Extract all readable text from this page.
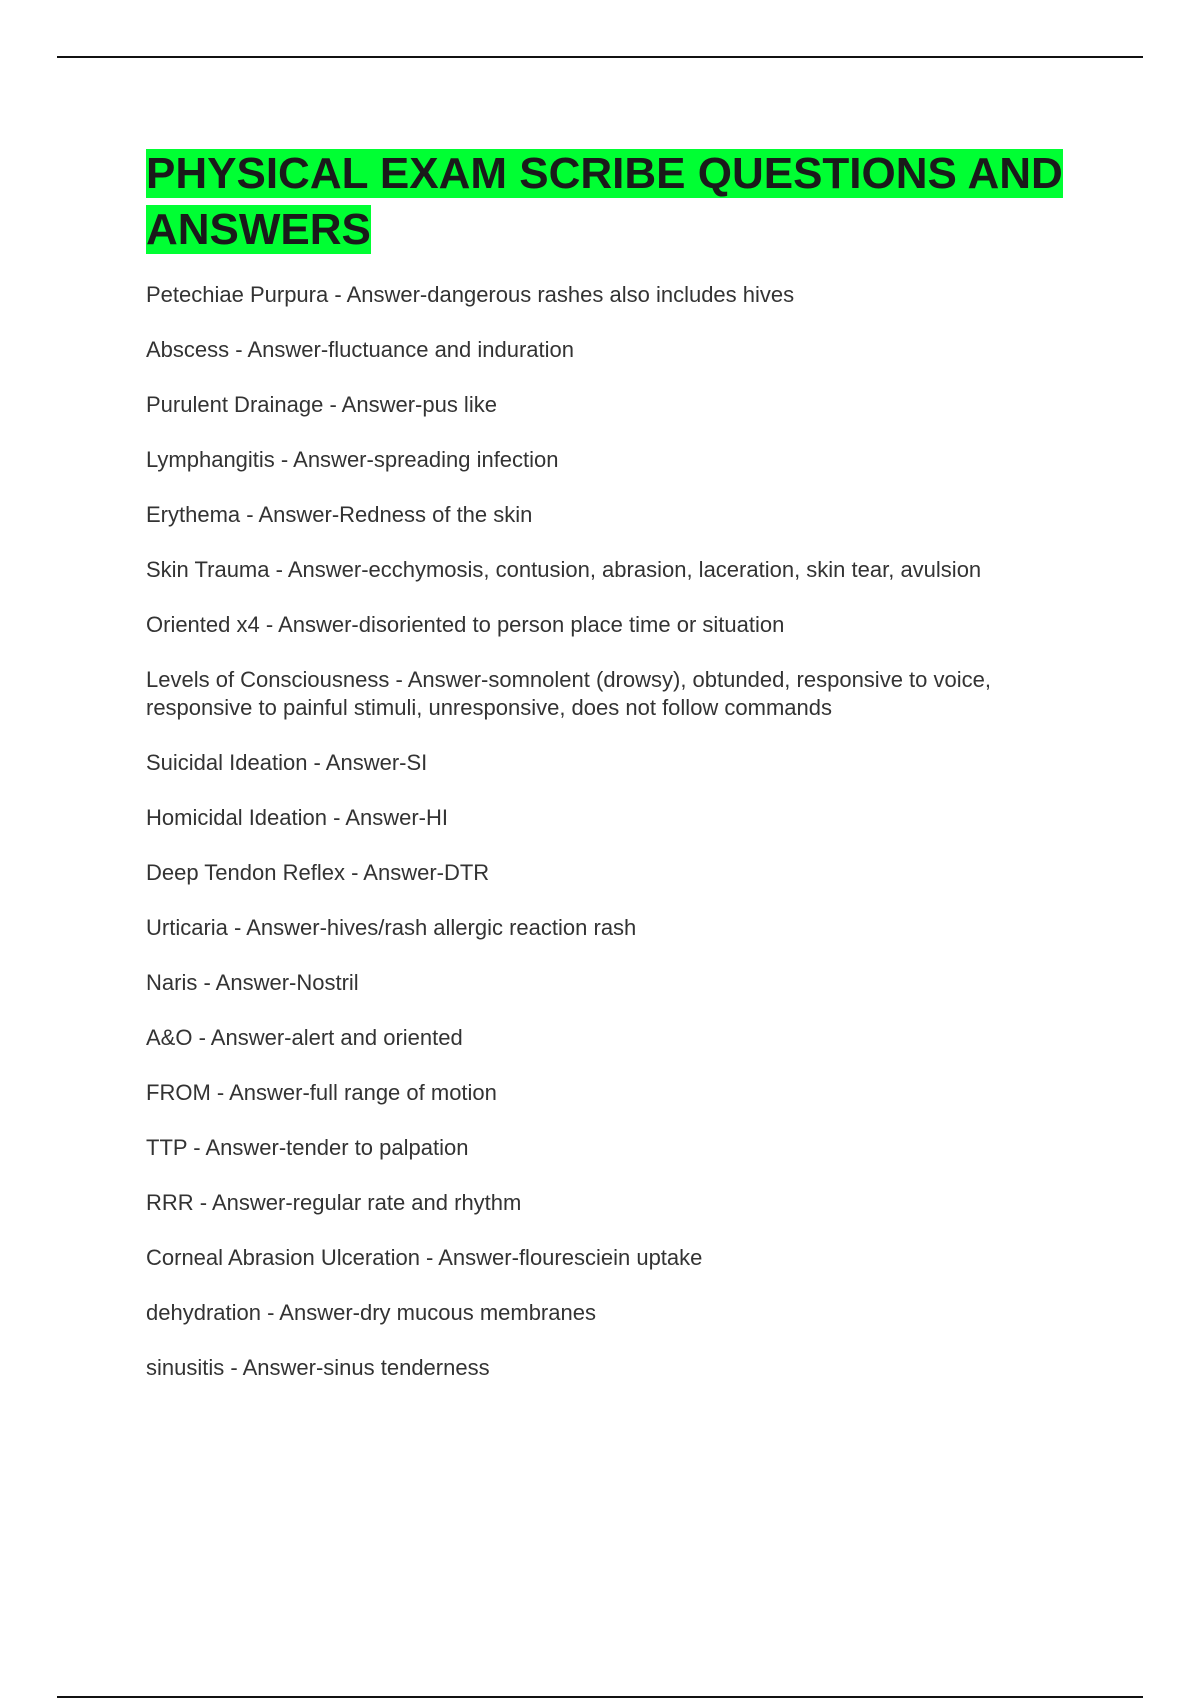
PHYSICAL EXAM SCRIBE QUESTIONS AND ANSWERS
Petechiae Purpura - Answer-dangerous rashes also includes hives
Abscess - Answer-fluctuance and induration
Purulent Drainage - Answer-pus like
Lymphangitis - Answer-spreading infection
Erythema - Answer-Redness of the skin
Skin Trauma - Answer-ecchymosis, contusion, abrasion, laceration, skin tear, avulsion
Oriented x4 - Answer-disoriented to person place time or situation
Levels of Consciousness - Answer-somnolent (drowsy), obtunded, responsive to voice, responsive to painful stimuli, unresponsive, does not follow commands
Suicidal Ideation - Answer-SI
Homicidal Ideation - Answer-HI
Deep Tendon Reflex - Answer-DTR
Urticaria - Answer-hives/rash allergic reaction rash
Naris - Answer-Nostril
A&O - Answer-alert and oriented
FROM - Answer-full range of motion
TTP - Answer-tender to palpation
RRR - Answer-regular rate and rhythm
Corneal Abrasion Ulceration - Answer-flourescieіn uptake
dehydration - Answer-dry mucous membranes
sinusitis - Answer-sinus tenderness
